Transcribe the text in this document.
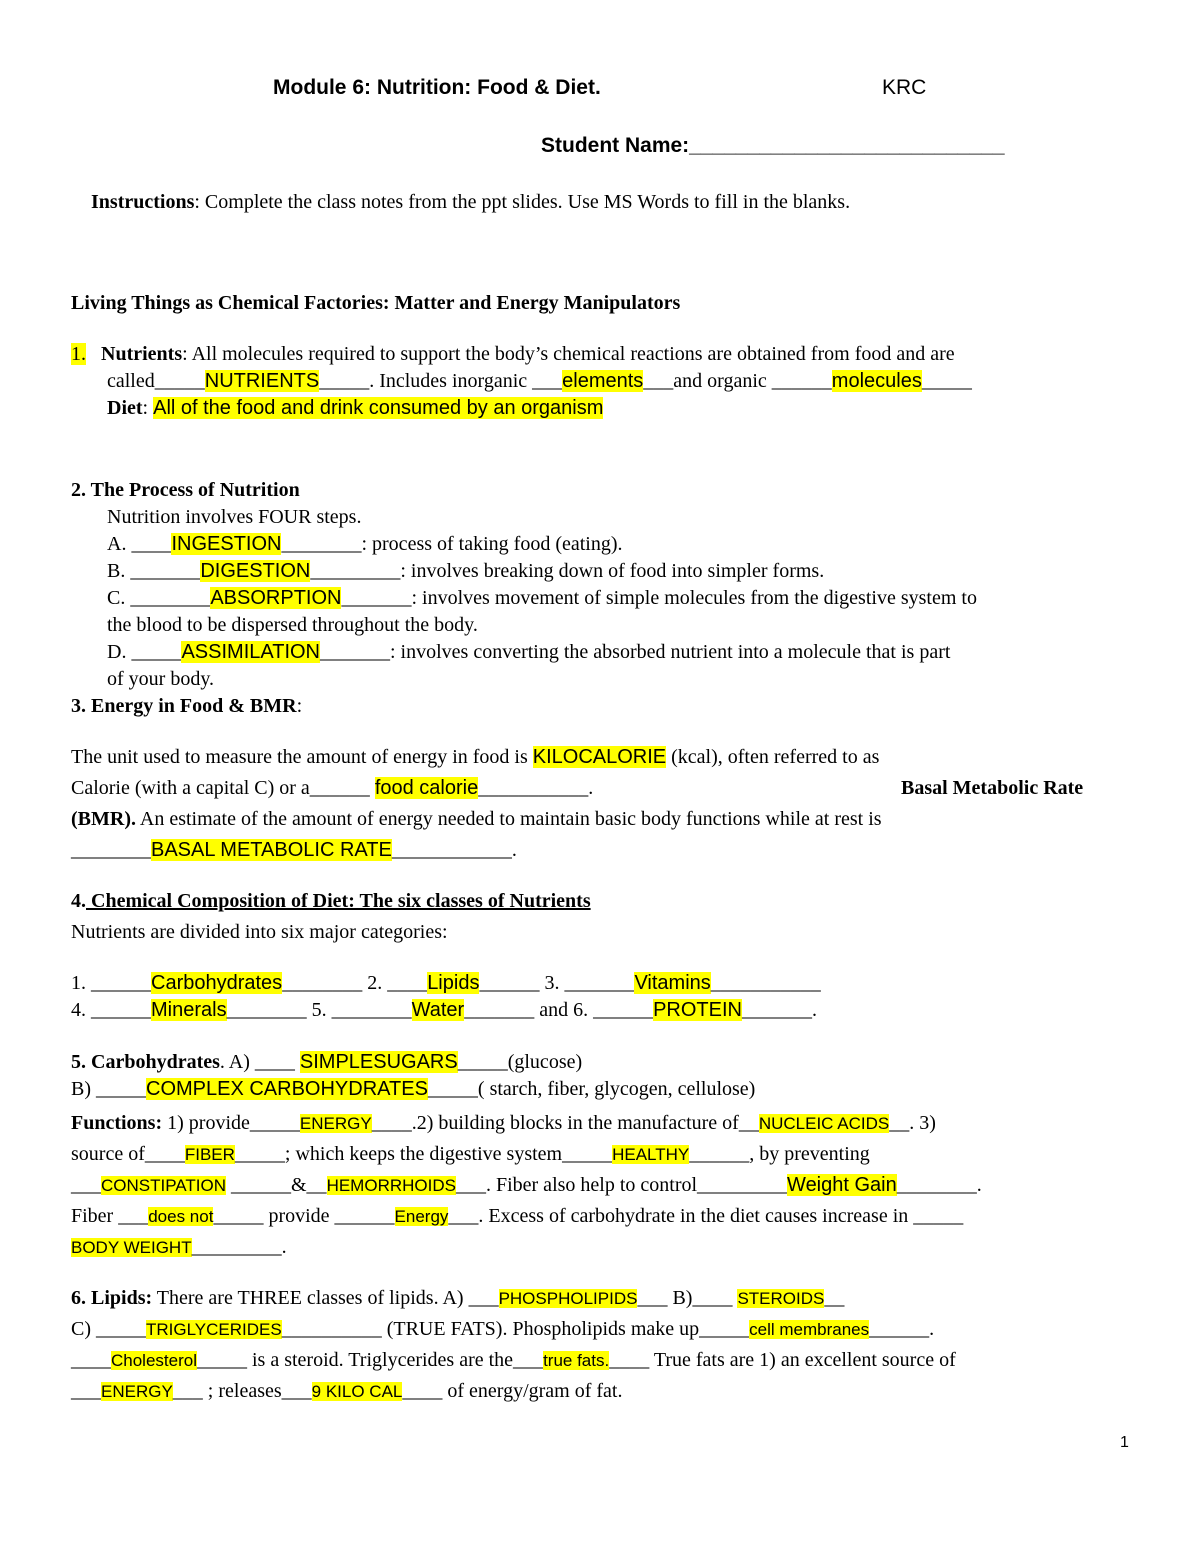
Module 6: Nutrition: Food & Diet.	KRC
Student Name:___________________________
Instructions: Complete the class notes from the ppt slides. Use MS Words to fill in the blanks.
Living Things as Chemical Factories: Matter and Energy Manipulators
1. Nutrients: All molecules required to support the body’s chemical reactions are obtained from food and are
called_____NUTRIENTS_____. Includes inorganic ___elements___and organic ______molecules_____
Diet: All of the food and drink consumed by an organism
2. The Process of Nutrition
Nutrition involves FOUR steps.
A. ____INGESTION________: process of taking food (eating).
B. _______DIGESTION_________: involves breaking down of food into simpler forms.
C. ________ABSORPTION_______: involves movement of simple molecules from the digestive system to
the blood to be dispersed throughout the body.
D. _____ASSIMILATION_______: involves converting the absorbed nutrient into a molecule that is part
of your body.
3. Energy in Food & BMR:
The unit used to measure the amount of energy in food is KILOCALORIE (kcal), often referred to as
Calorie (with a capital C) or a______ food calorie___________.	Basal Metabolic Rate
(BMR). An estimate of the amount of energy needed to maintain basic body functions while at rest is
________BASAL METABOLIC RATE____________.
4. Chemical Composition of Diet: The six classes of Nutrients
Nutrients are divided into six major categories:
1. ______Carbohydrates________ 2. ____Lipids______ 3. _______Vitamins___________
4. ______Minerals________ 5. ________Water_______ and 6. ______PROTEIN_______.
5. Carbohydrates. A) ____ SIMPLESUGARS_____(glucose)
B) _____COMPLEX CARBOHYDRATES_____( starch, fiber, glycogen, cellulose)
Functions: 1) provide_____ENERGY____.2) building blocks in the manufacture of__NUCLEIC ACIDS__. 3)
source of____FIBER_____; which keeps the digestive system_____HEALTHY______, by preventing
___CONSTIPATION ______&__HEMORRHOIDS___. Fiber also help to control_________Weight Gain________.
Fiber ___does not_____ provide ______Energy___. Excess of carbohydrate in the diet causes increase in _____
BODY WEIGHT_________.
6. Lipids: There are THREE classes of lipids. A) ___PHOSPHOLIPIDS___ B)____ STEROIDS__
C) _____TRIGLYCERIDES__________ (TRUE FATS). Phospholipids make up_____cell membranes______.
____Cholesterol_____ is a steroid. Triglycerides are the___true fats.____ True fats are 1) an excellent source of
___ENERGY___ ; releases___9 KILO CAL____ of energy/gram of fat.
1
